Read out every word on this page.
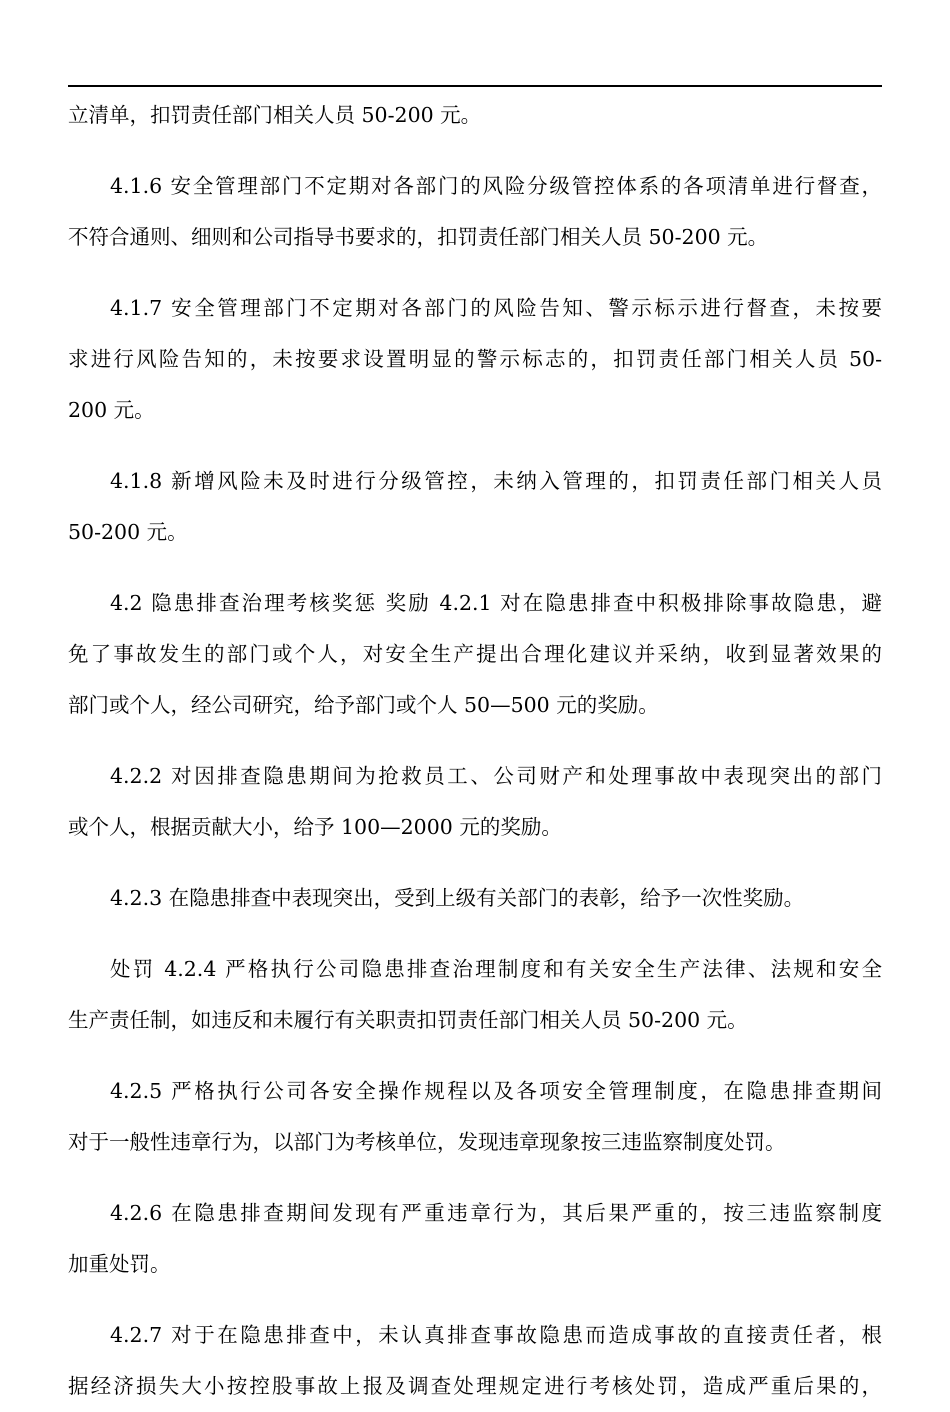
立清单，扣罚责任部门相关人员 50-200 元。
4.1.6 安全管理部门不定期对各部门的风险分级管控体系的各项清单进行督查，
不符合通则、细则和公司指导书要求的，扣罚责任部门相关人员 50-200 元。
4.1.7 安全管理部门不定期对各部门的风险告知、警示标示进行督查，未按要
求进行风险告知的，未按要求设置明显的警示标志的，扣罚责任部门相关人员 50-
200 元。
4.1.8 新增风险未及时进行分级管控，未纳入管理的，扣罚责任部门相关人员
50-200 元。
4.2 隐患排查治理考核奖惩 奖励 4.2.1 对在隐患排查中积极排除事故隐患，避
免了事故发生的部门或个人，对安全生产提出合理化建议并采纳，收到显著效果的
部门或个人，经公司研究，给予部门或个人 50—500 元的奖励。
4.2.2 对因排查隐患期间为抢救员工、公司财产和处理事故中表现突出的部门
或个人，根据贡献大小，给予 100—2000 元的奖励。
4.2.3 在隐患排查中表现突出，受到上级有关部门的表彰，给予一次性奖励。
处罚 4.2.4 严格执行公司隐患排查治理制度和有关安全生产法律、法规和安全
生产责任制，如违反和未履行有关职责扣罚责任部门相关人员 50-200 元。
4.2.5 严格执行公司各安全操作规程以及各项安全管理制度，在隐患排查期间
对于一般性违章行为，以部门为考核单位，发现违章现象按三违监察制度处罚。
4.2.6 在隐患排查期间发现有严重违章行为，其后果严重的，按三违监察制度
加重处罚。
4.2.7 对于在隐患排查中，未认真排查事故隐患而造成事故的直接责任者，根
据经济损失大小按控股事故上报及调查处理规定进行考核处罚，造成严重后果的，
